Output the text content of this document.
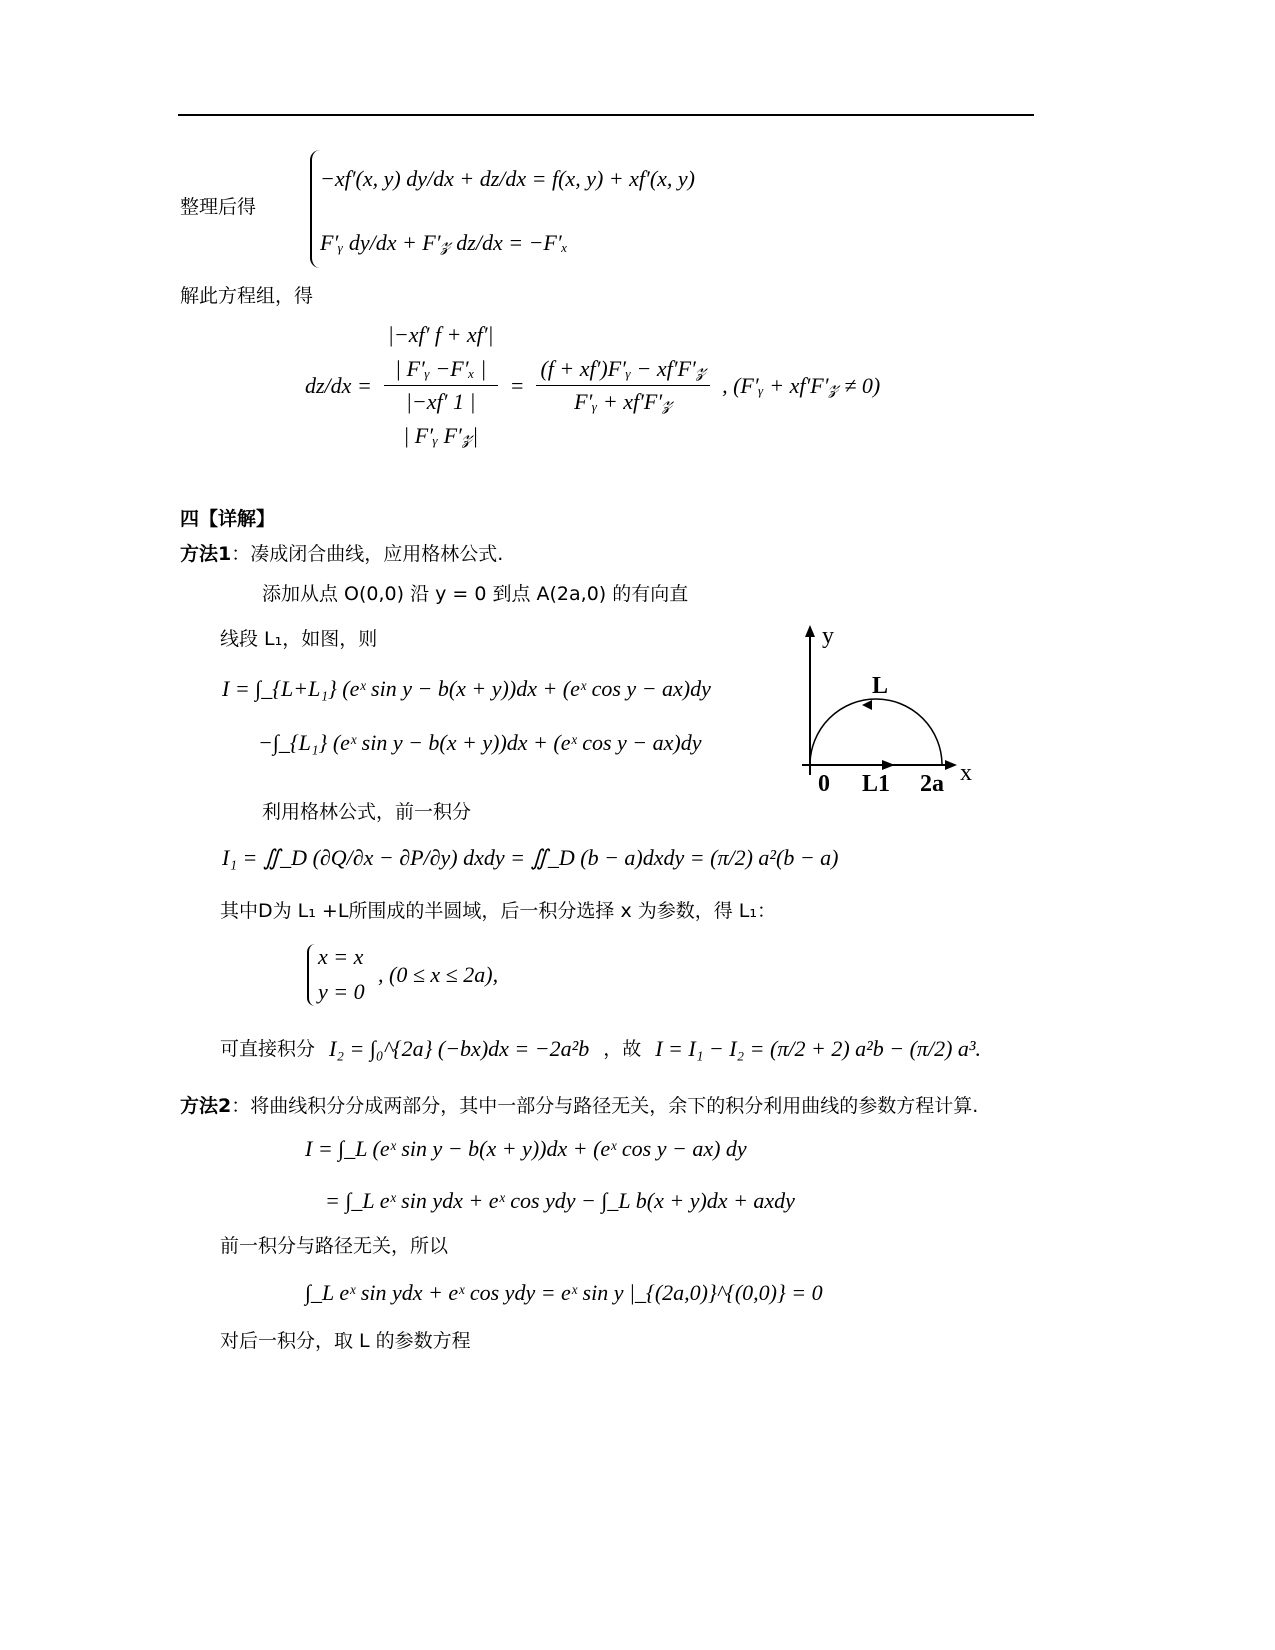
整理后得
−xf′(x, y) dy/dx + dz/dx = f(x, y) + xf′(x, y)
F′ᵧ dy/dx + F′𝓏 dz/dx = −F′ₓ
解此方程组，得
dz/dx = |−xf′ f + xf′|
| F′ᵧ −F′ₓ |
|−xf′ 1 |
| F′ᵧ F′𝓏| = $\frac{\text{(f + xf′)F′ᵧ − xf′F′𝓏}}{\text{F′ᵧ + xf′F′𝓏}}$ , (F′ᵧ + xf′F′𝓏 ≠ 0)
四【详解】
方法1：凑成闭合曲线，应用格林公式.
添加从点 O(0,0) 沿 y = 0 到点 A(2a,0) 的有向直
线段 L₁，如图，则
I = ∫_{L+L₁} (eˣ sin y − b(x + y))dx + (eˣ cos y − ax)dy
−∫_{L₁} (eˣ sin y − b(x + y))dx + (eˣ cos y − ax)dy
利用格林公式，前一积分
I₁ = ∬_D (∂Q/∂x − ∂P/∂y) dxdy = ∬_D (b − a)dxdy = (π/2) a²(b − a)
其中D为 L₁ +L所围成的半圆域，后一积分选择 x 为参数，得 L₁：
x = x
y = 0
, (0 ≤ x ≤ 2a),
可直接积分 I₂ = ∫₀^{2a} (−bx)dx = −2a²b ，故 I = I₁ − I₂ = (π/2 + 2) a²b − (π/2) a³.
方法2：将曲线积分分成两部分，其中一部分与路径无关，余下的积分利用曲线的参数方程计算.
I = ∫_L (eˣ sin y − b(x + y))dx + (eˣ cos y − ax) dy
= ∫_L eˣ sin ydx + eˣ cos ydy − ∫_L b(x + y)dx + axdy
前一积分与路径无关，所以
∫_L eˣ sin ydx + eˣ cos ydy = eˣ sin y |_{(2a,0)}^{(0,0)} = 0
对后一积分，取 L 的参数方程
y
x
L
0 L1 2a
